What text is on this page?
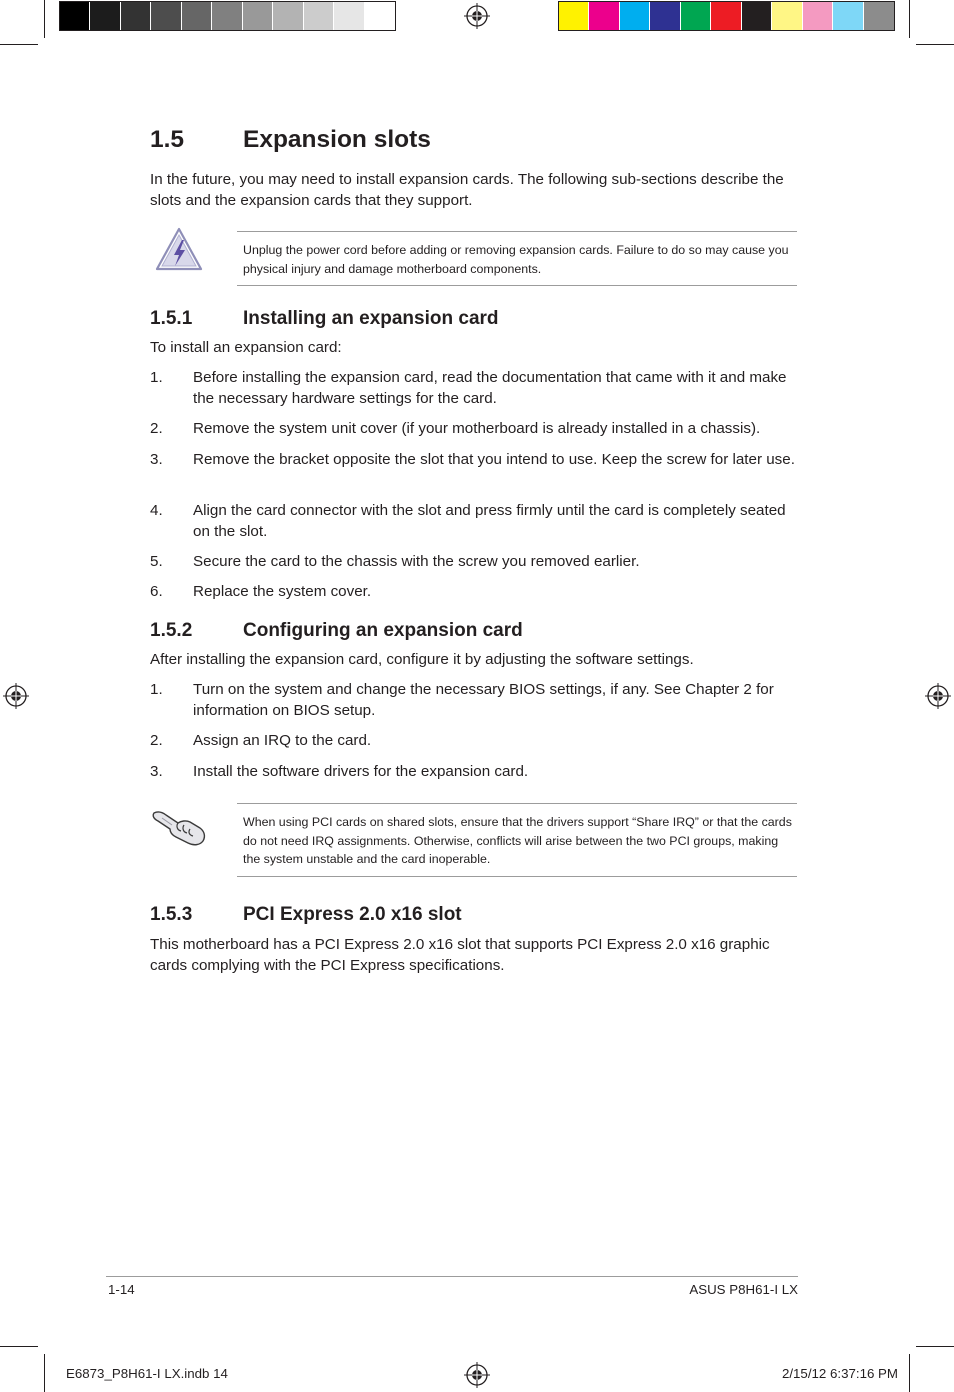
1.5 Expansion slots

In the future, you may need to install expansion cards. The following sub-sections describe the slots and the expansion cards that they support.

Unplug the power cord before adding or removing expansion cards. Failure to do so may cause you physical injury and damage motherboard components.

1.5.1	Installing an expansion card

To install an expansion card:

1. Before installing the expansion card, read the documentation that came with it and make the necessary hardware settings for the card.
2. Remove the system unit cover (if your motherboard is already installed in a chassis).
3. Remove the bracket opposite the slot that you intend to use. Keep the screw for later use.
4. Align the card connector with the slot and press firmly until the card is completely seated on the slot.
5. Secure the card to the chassis with the screw you removed earlier.
6. Replace the system cover.
1.5.2	Configuring an expansion card

After installing the expansion card, configure it by adjusting the software settings.

1. Turn on the system and change the necessary BIOS settings, if any. See Chapter 2 for information on BIOS setup.
2. Assign an IRQ to the card.
3. Install the software drivers for the expansion card.

When using PCI cards on shared slots, ensure that the drivers support “Share IRQ” or that the cards do not need IRQ assignments. Otherwise, conflicts will arise between the two PCI groups, making the system unstable and the card inoperable.

1.5.3	PCI Express 2.0 x16 slot

This motherboard has a PCI Express 2.0 x16 slot that supports PCI Express 2.0 x16 graphic cards complying with the PCI Express specifications.

1-14	ASUS P8H61-I LX
E6873_P8H61-I LX.indb 14	2/15/12 6:37:16 PM
